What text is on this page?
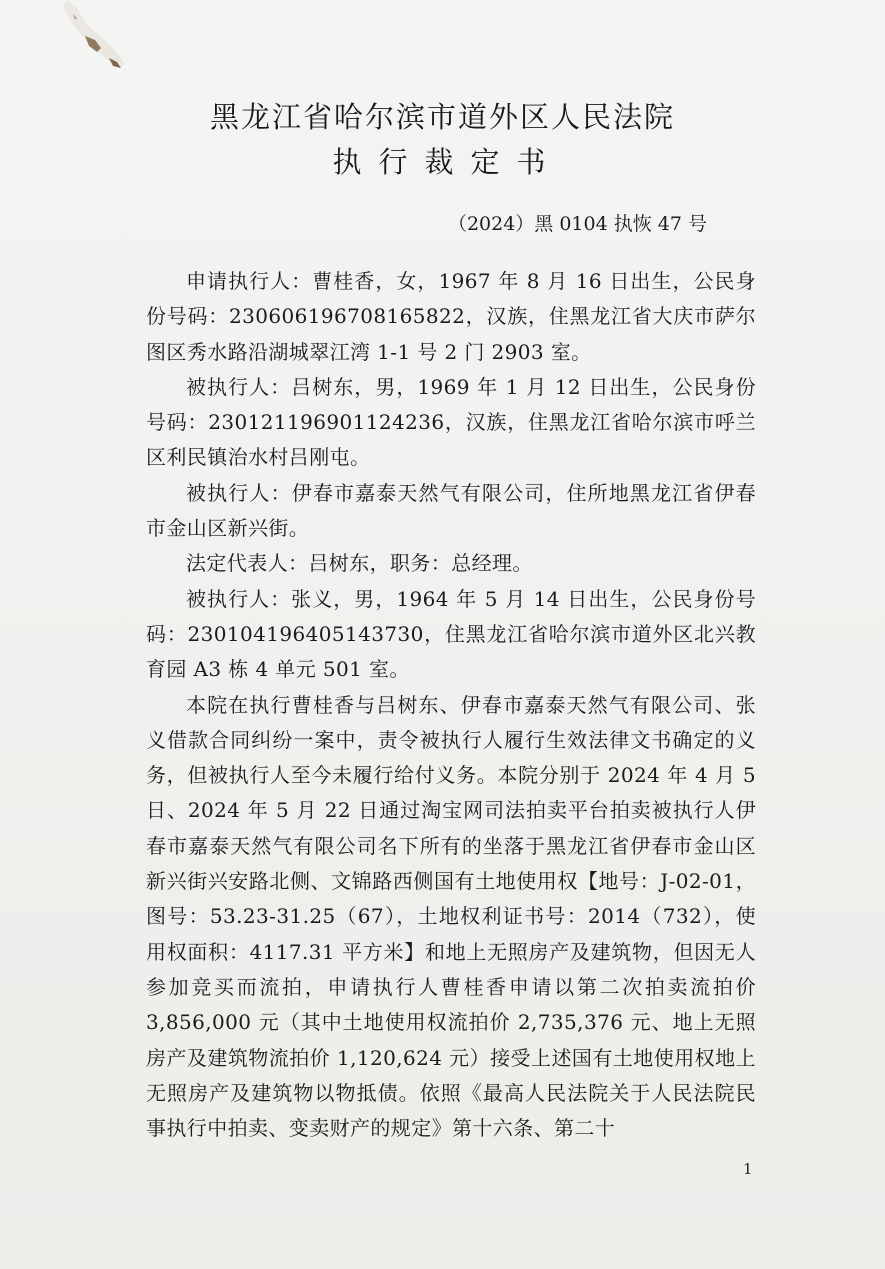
黑龙江省哈尔滨市道外区人民法院
执行裁定书
（2024）黑 0104 执恢 47 号

申请执行人：曹桂香，女，1967 年 8 月 16 日出生，公民身份号码：230606196708165822，汉族，住黑龙江省大庆市萨尔图区秀水路沿湖城翠江湾 1-1 号 2 门 2903 室。

被执行人：吕树东，男，1969 年 1 月 12 日出生，公民身份号码：230121196901124236，汉族，住黑龙江省哈尔滨市呼兰区利民镇治水村吕刚屯。

被执行人：伊春市嘉泰天然气有限公司，住所地黑龙江省伊春市金山区新兴街。

法定代表人：吕树东，职务：总经理。

被执行人：张义，男，1964 年 5 月 14 日出生，公民身份号码：230104196405143730，住黑龙江省哈尔滨市道外区北兴教育园 A3 栋 4 单元 501 室。

本院在执行曹桂香与吕树东、伊春市嘉泰天然气有限公司、张义借款合同纠纷一案中，责令被执行人履行生效法律文书确定的义务，但被执行人至今未履行给付义务。本院分别于 2024 年 4 月 5 日、2024 年 5 月 22 日通过淘宝网司法拍卖平台拍卖被执行人伊春市嘉泰天然气有限公司名下所有的坐落于黑龙江省伊春市金山区新兴街兴安路北侧、文锦路西侧国有土地使用权【地号：J-02-01，图号：53.23-31.25（67），土地权利证书号：2014（732），使用权面积：4117.31 平方米】和地上无照房产及建筑物，但因无人参加竞买而流拍，申请执行人曹桂香申请以第二次拍卖流拍价 3,856,000 元（其中土地使用权流拍价 2,735,376 元、地上无照房产及建筑物流拍价 1,120,624 元）接受上述国有土地使用权地上无照房产及建筑物以物抵债。依照《最高人民法院关于人民法院民事执行中拍卖、变卖财产的规定》第十六条、第二十

1
